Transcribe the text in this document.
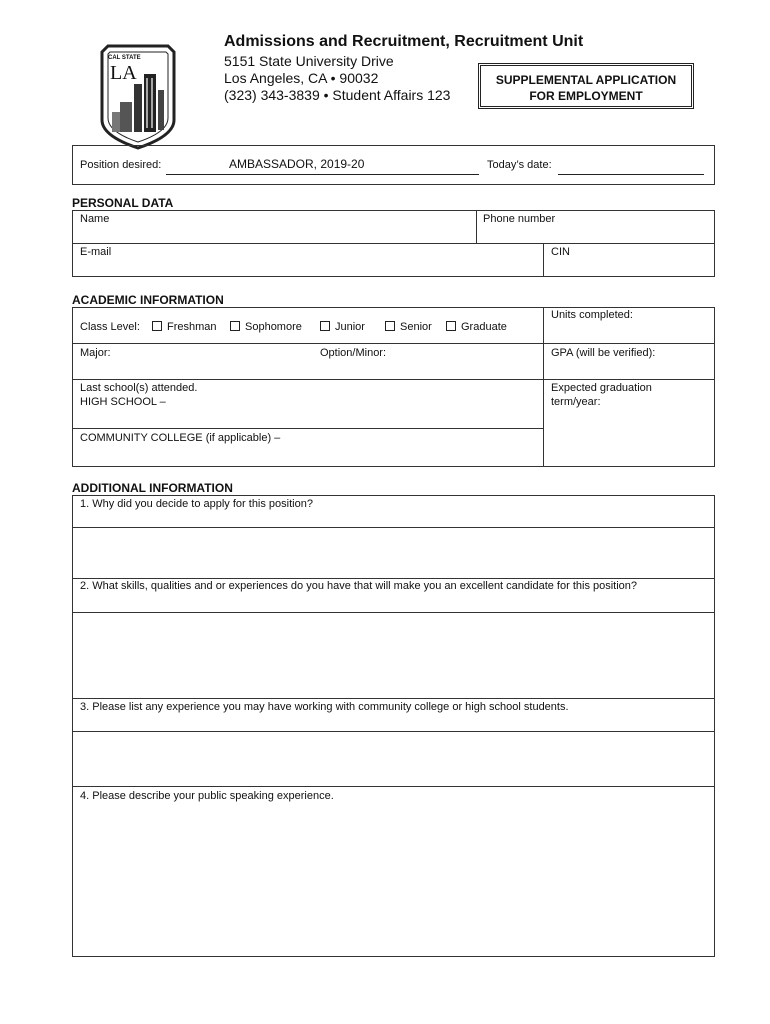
CAL STATE
LA
Admissions and Recruitment, Recruitment Unit
5151 State University Drive
Los Angeles, CA • 90032
(323) 343-3839 • Student Affairs 123
SUPPLEMENTAL APPLICATION
FOR EMPLOYMENT
Position desired:	AMBASSADOR, 2019-20	Today’s date:
PERSONAL DATA
Name	Phone number
E-mail	CIN
ACADEMIC INFORMATION
Class Level:	Freshman	Sophomore	Junior	Senior	Graduate
Units completed:
Major:	Option/Minor:	GPA (will be verified):
Last school(s) attended.
HIGH SCHOOL –
COMMUNITY COLLEGE (if applicable) –
Expected graduation
term/year:
ADDITIONAL INFORMATION
1. Why did you decide to apply for this position?
2. What skills, qualities and or experiences do you have that will make you an excellent candidate for this position?
3. Please list any experience you may have working with community college or high school students.
4. Please describe your public speaking experience.
